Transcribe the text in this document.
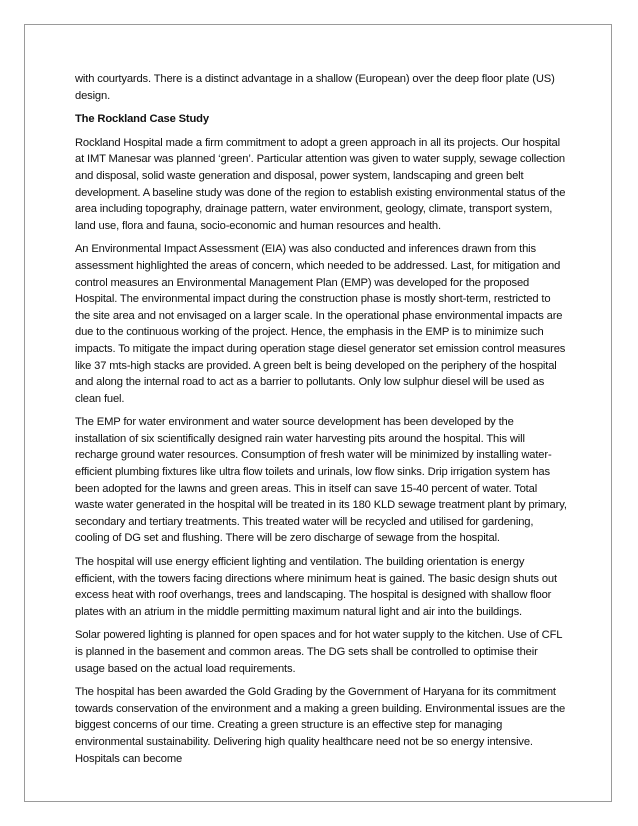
with courtyards. There is a distinct advantage in a shallow (European) over the deep floor plate (US) design.

The Rockland Case Study

Rockland Hospital made a firm commitment to adopt a green approach in all its projects. Our hospital at IMT Manesar was planned ‘green’. Particular attention was given to water supply, sewage collection and disposal, solid waste generation and disposal, power system, landscaping and green belt development. A baseline study was done of the region to establish existing environmental status of the area including topography, drainage pattern, water environment, geology, climate, transport system, land use, flora and fauna, socio-economic and human resources and health.

An Environmental Impact Assessment (EIA) was also conducted and inferences drawn from this assessment highlighted the areas of concern, which needed to be addressed. Last, for mitigation and control measures an Environmental Management Plan (EMP) was developed for the proposed Hospital. The environmental impact during the construction phase is mostly short-term, restricted to the site area and not envisaged on a larger scale. In the operational phase environmental impacts are due to the continuous working of the project. Hence, the emphasis in the EMP is to minimize such impacts. To mitigate the impact during operation stage diesel generator set emission control measures like 37 mts-high stacks are provided. A green belt is being developed on the periphery of the hospital and along the internal road to act as a barrier to pollutants. Only low sulphur diesel will be used as clean fuel.

The EMP for water environment and water source development has been developed by the installation of six scientifically designed rain water harvesting pits around the hospital. This will recharge ground water resources. Consumption of fresh water will be minimized by installing water-efficient plumbing fixtures like ultra flow toilets and urinals, low flow sinks. Drip irrigation system has been adopted for the lawns and green areas. This in itself can save 15-40 percent of water. Total waste water generated in the hospital will be treated in its 180 KLD sewage treatment plant by primary, secondary and tertiary treatments. This treated water will be recycled and utilised for gardening, cooling of DG set and flushing. There will be zero discharge of sewage from the hospital.

The hospital will use energy efficient lighting and ventilation. The building orientation is energy efficient, with the towers facing directions where minimum heat is gained. The basic design shuts out excess heat with roof overhangs, trees and landscaping. The hospital is designed with shallow floor plates with an atrium in the middle permitting maximum natural light and air into the buildings.

Solar powered lighting is planned for open spaces and for hot water supply to the kitchen. Use of CFL is planned in the basement and common areas. The DG sets shall be controlled to optimise their usage based on the actual load requirements.

The hospital has been awarded the Gold Grading by the Government of Haryana for its commitment towards conservation of the environment and a making a green building. Environmental issues are the biggest concerns of our time. Creating a green structure is an effective step for managing environmental sustainability. Delivering high quality healthcare need not be so energy intensive. Hospitals can become
